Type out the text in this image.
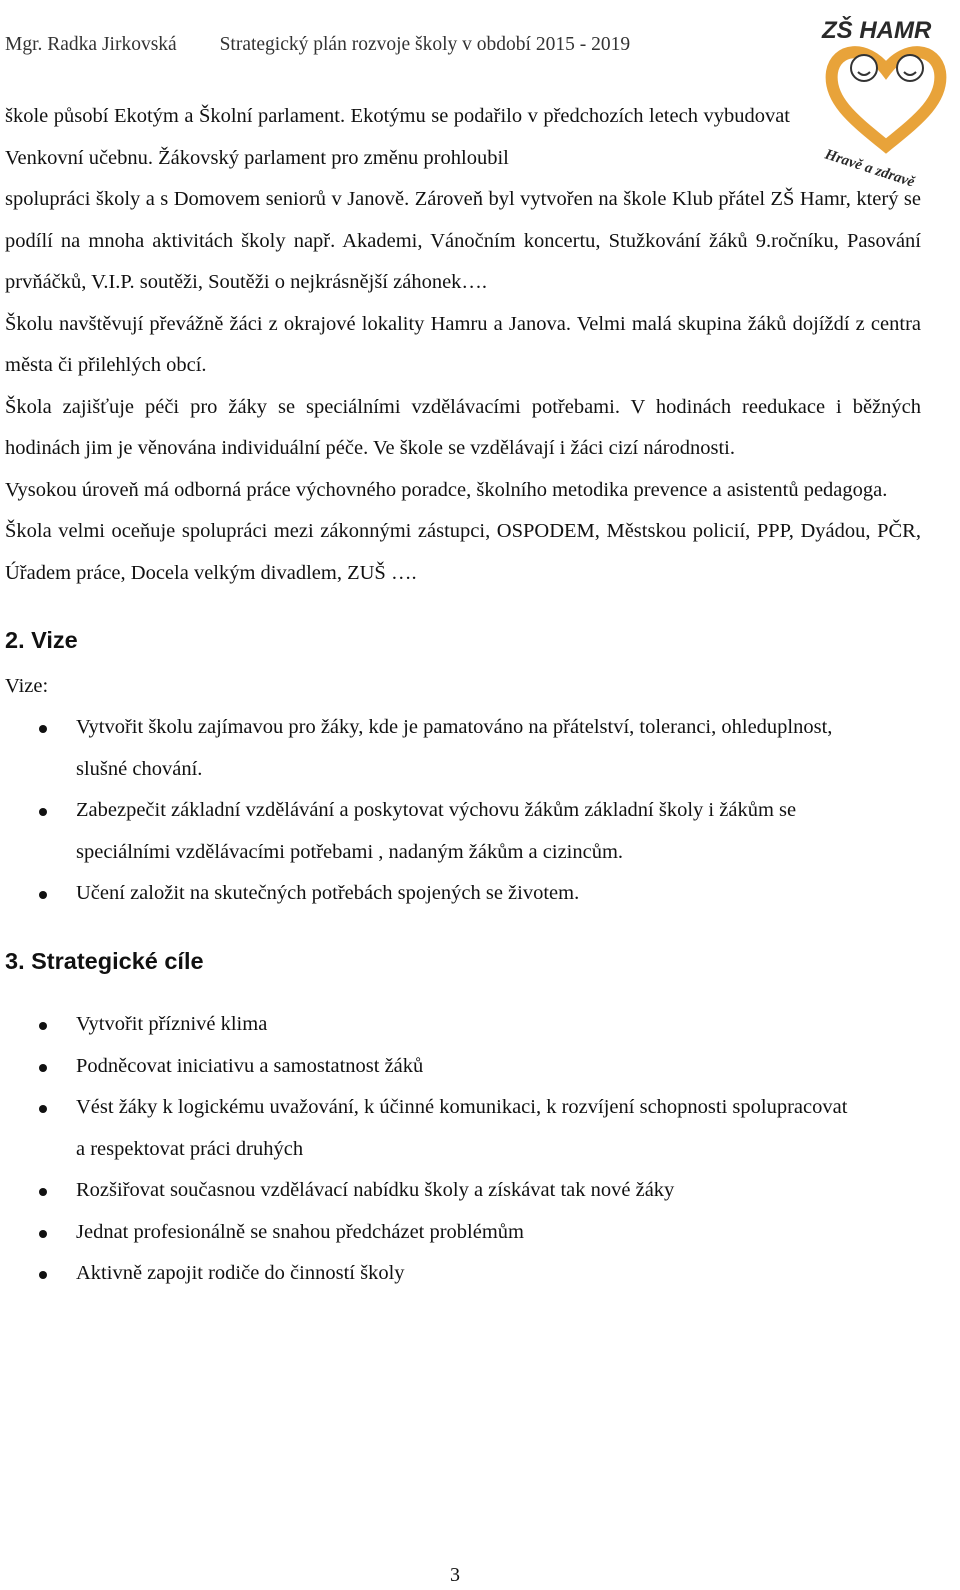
Mgr. Radka Jirkovská Strategický plán rozvoje školy v období 2015 - 2019
ZŠ HAMR
Hravě a zdravě

škole působí Ekotým a Školní parlament. Ekotýmu se podařilo v předchozích letech vybudovat Venkovní učebnu. Žákovský parlament pro změnu prohloubil

spolupráci školy a s Domovem seniorů v Janově. Zároveň byl vytvořen na škole Klub přátel ZŠ Hamr, který se podílí na mnoha aktivitách školy např. Akademi, Vánočním koncertu, Stužkování žáků 9.ročníku, Pasování prvňáčků, V.I.P. soutěži, Soutěži o nejkrásnější záhonek….

Školu navštěvují převážně žáci z okrajové lokality Hamru a Janova. Velmi malá skupina žáků dojíždí z centra města či přilehlých obcí.

Škola zajišťuje péči pro žáky se speciálními vzdělávacími potřebami. V hodinách reedukace i běžných hodinách jim je věnována individuální péče. Ve škole se vzdělávají i žáci cizí národnosti.

Vysokou úroveň má odborná práce výchovného poradce, školního metodika prevence a asistentů pedagoga.

Škola velmi oceňuje spolupráci mezi zákonnými zástupci, OSPODEM, Městskou policií, PPP, Dyádou, PČR, Úřadem práce, Docela velkým divadlem, ZUŠ ….

2. Vize

Vize:

Vytvořit školu zajímavou pro žáky, kde je pamatováno na přátelství, toleranci, ohleduplnost, slušné chování.
Zabezpečit základní vzdělávání a poskytovat výchovu žákům základní školy i žákům se speciálními vzdělávacími potřebami , nadaným žákům a cizincům.
Učení založit na skutečných potřebách spojených se životem.
3. Strategické cíle
Vytvořit příznivé klima
Podněcovat iniciativu a samostatnost žáků
Vést žáky k logickému uvažování, k účinné komunikaci, k rozvíjení schopnosti spolupracovat a respektovat práci druhých
Rozšiřovat současnou vzdělávací nabídku školy a získávat tak nové žáky
Jednat profesionálně se snahou předcházet problémům
Aktivně zapojit rodiče do činností školy
3
